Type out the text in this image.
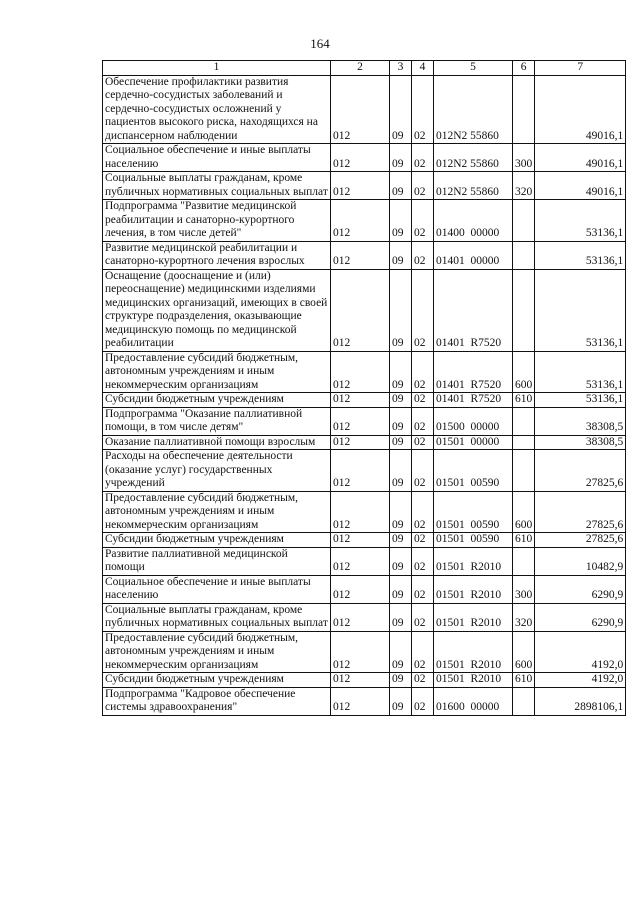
164
1	2	3	4	5	6	7
Обеспечение профилактики развития сердечно-сосудистых заболеваний и сердечно-сосудистых осложнений у пациентов высокого риска, находящихся на диспансерном наблюдении	012	09	02	012N2 55860		49016,1
Социальное обеспечение и иные выплаты населению	012	09	02	012N2 55860	300	49016,1
Социальные выплаты гражданам, кроме публичных нормативных социальных выплат	012	09	02	012N2 55860	320	49016,1
Подпрограмма "Развитие медицинской реабилитации и санаторно-курортного лечения, в том числе детей"	012	09	02	01400  00000		53136,1
Развитие медицинской реабилитации и санаторно-курортного лечения взрослых	012	09	02	01401  00000		53136,1
Оснащение (дооснащение и (или) переоснащение) медицинскими изделиями медицинских организаций, имеющих в своей структуре подразделения, оказывающие медицинскую помощь по медицинской реабилитации	012	09	02	01401  R7520		53136,1
Предоставление субсидий бюджетным, автономным учреждениям и иным некоммерческим организациям	012	09	02	01401  R7520	600	53136,1
Субсидии бюджетным учреждениям	012	09	02	01401  R7520	610	53136,1
Подпрограмма "Оказание паллиативной помощи, в том числе детям"	012	09	02	01500  00000		38308,5
Оказание паллиативной помощи взрослым	012	09	02	01501  00000		38308,5
Расходы на обеспечение деятельности (оказание услуг) государственных учреждений	012	09	02	01501  00590		27825,6
Предоставление субсидий бюджетным, автономным учреждениям и иным некоммерческим организациям	012	09	02	01501  00590	600	27825,6
Субсидии бюджетным учреждениям	012	09	02	01501  00590	610	27825,6
Развитие паллиативной медицинской помощи	012	09	02	01501  R2010		10482,9
Социальное обеспечение и иные выплаты населению	012	09	02	01501  R2010	300	6290,9
Социальные выплаты гражданам, кроме публичных нормативных социальных выплат	012	09	02	01501  R2010	320	6290,9
Предоставление субсидий бюджетным, автономным учреждениям и иным некоммерческим организациям	012	09	02	01501  R2010	600	4192,0
Субсидии бюджетным учреждениям	012	09	02	01501  R2010	610	4192,0
Подпрограмма "Кадровое обеспечение системы здравоохранения"	012	09	02	01600  00000		2898106,1
